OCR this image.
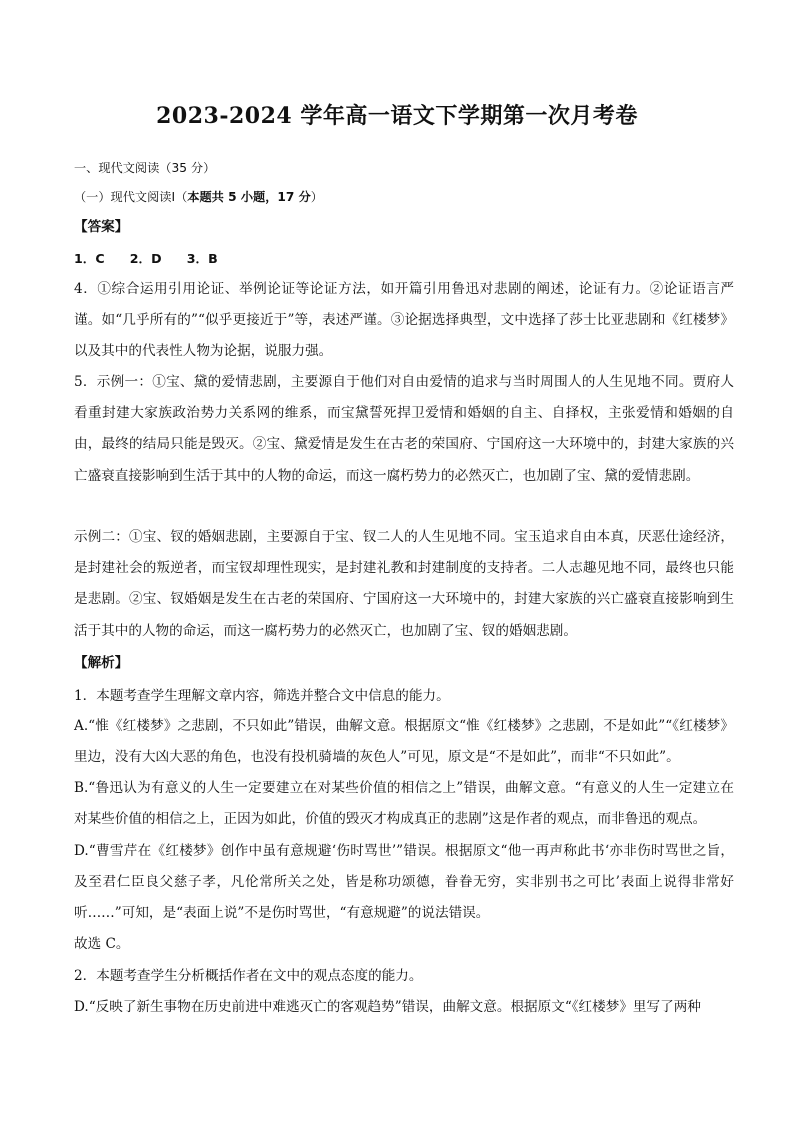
2023-2024 学年高一语文下学期第一次月考卷

一、现代文阅读（35 分）

（一）现代文阅读Ⅰ（本题共 5 小题，17 分）

【答案】

1．C　　2．D　　3．B

4．①综合运用引用论证、举例论证等论证方法，如开篇引用鲁迅对悲剧的阐述，论证有力。②论证语言严谨。如“几乎所有的”“似乎更接近于”等，表述严谨。③论据选择典型，文中选择了莎士比亚悲剧和《红楼梦》以及其中的代表性人物为论据，说服力强。

5．示例一：①宝、黛的爱情悲剧，主要源自于他们对自由爱情的追求与当时周围人的人生见地不同。贾府人看重封建大家族政治势力关系网的维系，而宝黛誓死捍卫爱情和婚姻的自主、自择权，主张爱情和婚姻的自由，最终的结局只能是毁灭。②宝、黛爱情是发生在古老的荣国府、宁国府这一大环境中的，封建大家族的兴亡盛衰直接影响到生活于其中的人物的命运，而这一腐朽势力的必然灭亡，也加剧了宝、黛的爱情悲剧。

示例二：①宝、钗的婚姻悲剧，主要源自于宝、钗二人的人生见地不同。宝玉追求自由本真，厌恶仕途经济，是封建社会的叛逆者，而宝钗却理性现实，是封建礼教和封建制度的支持者。二人志趣见地不同，最终也只能是悲剧。②宝、钗婚姻是发生在古老的荣国府、宁国府这一大环境中的，封建大家族的兴亡盛衰直接影响到生活于其中的人物的命运，而这一腐朽势力的必然灭亡，也加剧了宝、钗的婚姻悲剧。

【解析】

1．本题考查学生理解文章内容，筛选并整合文中信息的能力。

A.“惟《红楼梦》之悲剧，不只如此”错误，曲解文意。根据原文“惟《红楼梦》之悲剧，不是如此”“《红楼梦》里边，没有大凶大恶的角色，也没有投机骑墙的灰色人”可见，原文是“不是如此”，而非“不只如此”。

B.“鲁迅认为有意义的人生一定要建立在对某些价值的相信之上”错误，曲解文意。“有意义的人生一定建立在对某些价值的相信之上，正因为如此，价值的毁灭才构成真正的悲剧”这是作者的观点，而非鲁迅的观点。

D.“曹雪芹在《红楼梦》创作中虽有意规避‘伤时骂世’”错误。根据原文“他一再声称此书‘亦非伤时骂世之旨，及至君仁臣良父慈子孝，凡伦常所关之处，皆是称功颂德，眷眷无穷，实非别书之可比’表面上说得非常好听……”可知，是“表面上说”不是伤时骂世，“有意规避”的说法错误。

故选 C。

2．本题考查学生分析概括作者在文中的观点态度的能力。

D.“反映了新生事物在历史前进中难逃灭亡的客观趋势”错误，曲解文意。根据原文“《红楼梦》里写了两种
